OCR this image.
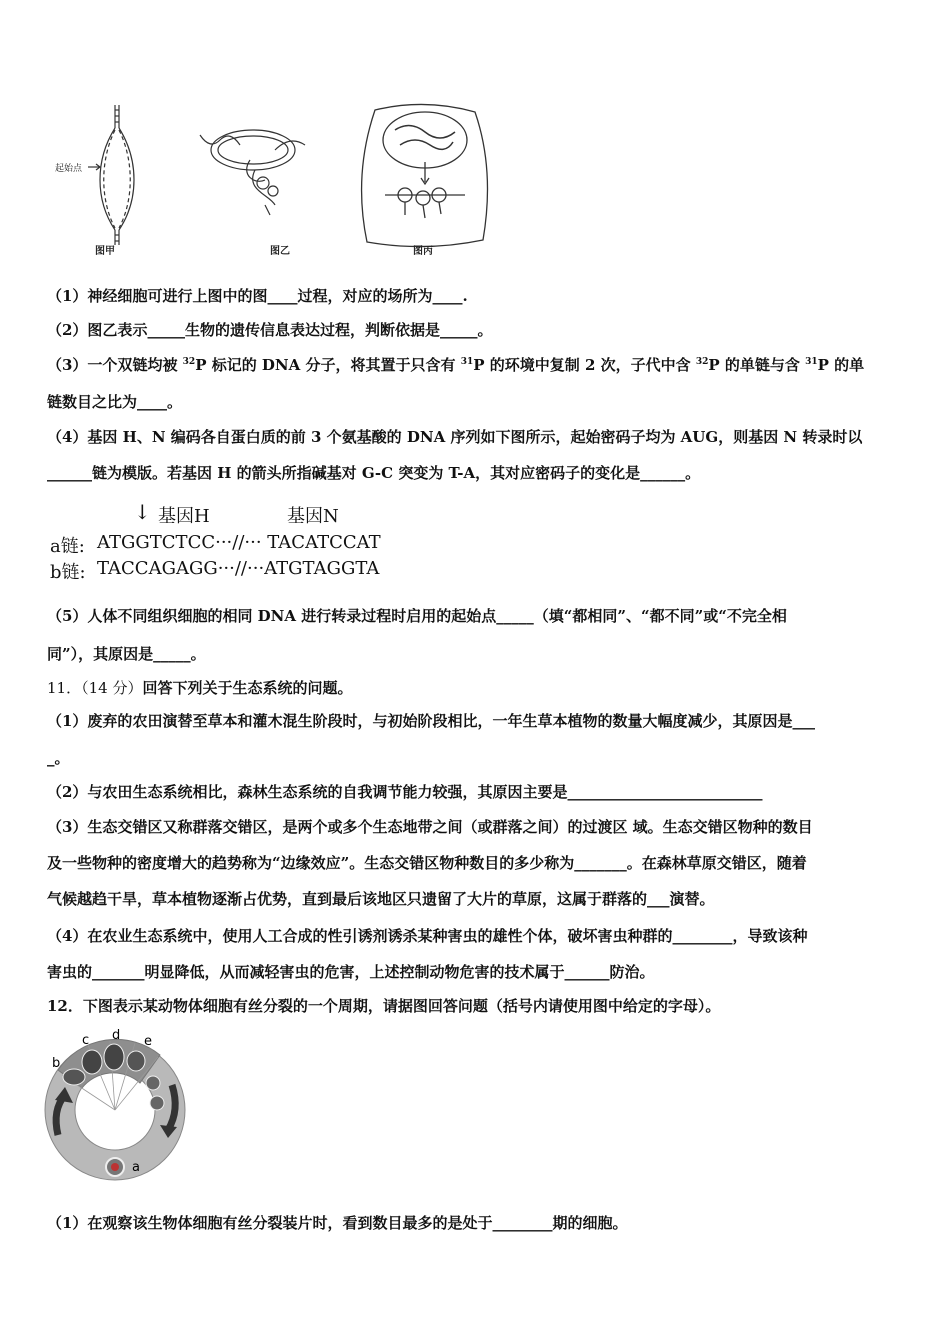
起始点
图甲	图乙	图丙
（1）神经细胞可进行上图中的图____过程，对应的场所为____.
（2）图乙表示_____生物的遗传信息表达过程，判断依据是_____。
（3）一个双链均被 $^{32}$P 标记的 DNA 分子，将其置于只含有 $^{31}$P 的环境中复制 2 次，子代中含 $^{32}$P 的单链与含 $^{31}$P 的单
链数目之比为____。
（4）基因 H、N 编码各自蛋白质的前 3 个氨基酸的 DNA 序列如下图所示，起始密码子均为 AUG，则基因 N 转录时以
______链为模版。若基因 H 的箭头所指碱基对 G-C 突变为 T-A，其对应密码子的变化是______。
↓ 基因H	基因N
a链: ATGGTCTCC···//··· TACATCCAT
b链: TACCAGAGG···//···ATGTAGGTA
（5）人体不同组织细胞的相同 DNA 进行转录过程时启用的起始点_____（填“都相同”、“都不同”或“不完全相
同”），其原因是_____。
11．（14 分）回答下列关于生态系统的问题。
（1）废弃的农田演替至草本和灌木混生阶段时，与初始阶段相比，一年生草本植物的数量大幅度减少，其原因是___
_。
（2）与农田生态系统相比，森林生态系统的自我调节能力较强，其原因主要是__________________________
（3）生态交错区又称群落交错区，是两个或多个生态地带之间（或群落之间）的过渡区 域。生态交错区物种的数目
及一些物种的密度增大的趋势称为“边缘效应”。生态交错区物种数目的多少称为_______。在森林草原交错区，随着
气候越趋干旱，草本植物逐渐占优势，直到最后该地区只遗留了大片的草原，这属于群落的___演替。
（4）在农业生态系统中，使用人工合成的性引诱剂诱杀某种害虫的雄性个体，破坏害虫种群的________，导致该种
害虫的_______明显降低，从而减轻害虫的危害，上述控制动物危害的技术属于______防治。
12．下图表示某动物体细胞有丝分裂的一个周期，请据图回答问题（括号内请使用图中给定的字母）。
a
b
c d e
（1）在观察该生物体细胞有丝分裂装片时，看到数目最多的是处于________期的细胞。
